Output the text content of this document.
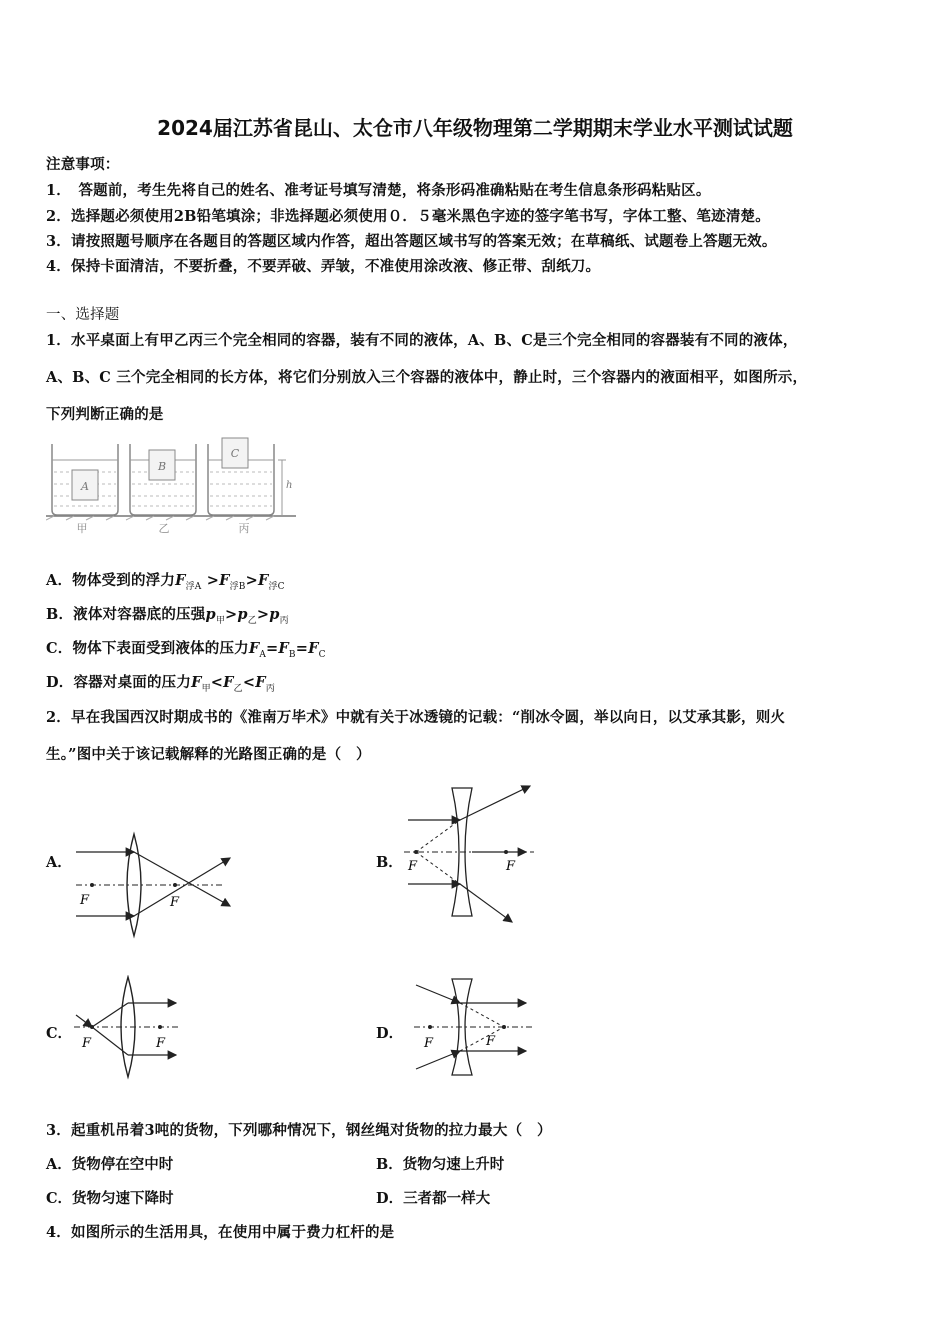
2024届江苏省昆山、太仓市八年级物理第二学期期末学业水平测试试题
注意事项：
1．　答题前，考生先将自己的姓名、准考证号填写清楚，将条形码准确粘贴在考生信息条形码粘贴区。
2．选择题必须使用2B铅笔填涂；非选择题必须使用０．５毫米黑色字迹的签字笔书写，字体工整、笔迹清楚。
3．请按照题号顺序在各题目的答题区域内作答，超出答题区域书写的答案无效；在草稿纸、试题卷上答题无效。
4．保持卡面清洁，不要折叠，不要弄破、弄皱，不准使用涂改液、修正带、刮纸刀。
一、选择题
1．水平桌面上有甲乙丙三个完全相同的容器，装有不同的液体，A、B、C是三个完全相同的容器装有不同的液体，
A、B、C 三个完全相同的长方体，将它们分别放入三个容器的液体中，静止时，三个容器内的液面相平，如图所示，
下列判断正确的是
A
B
C
h
甲	乙	丙
A．物体受到的浮力$F_{浮A} >F_{浮B}>F_{浮C}$
B．液体对容器底的压强$p_甲>p_乙>p_丙$
C．物体下表面受到液体的压力$F_A=F_B=F_C$
D．容器对桌面的压力$F_甲<F_乙<F_丙$
2．早在我国西汉时期成书的《淮南万毕术》中就有关于冰透镜的记载：“削冰令圆，举以向日，以艾承其影，则火
生。”图中关于该记载解释的光路图正确的是（　）
A．	B．
C．	D．
F	F
F	F
F	F	F	F
3．起重机吊着3吨的货物，下列哪种情况下，钢丝绳对货物的拉力最大（　）
A．货物停在空中时	B．货物匀速上升时
C．货物匀速下降时	D．三者都一样大
4．如图所示的生活用具，在使用中属于费力杠杆的是
